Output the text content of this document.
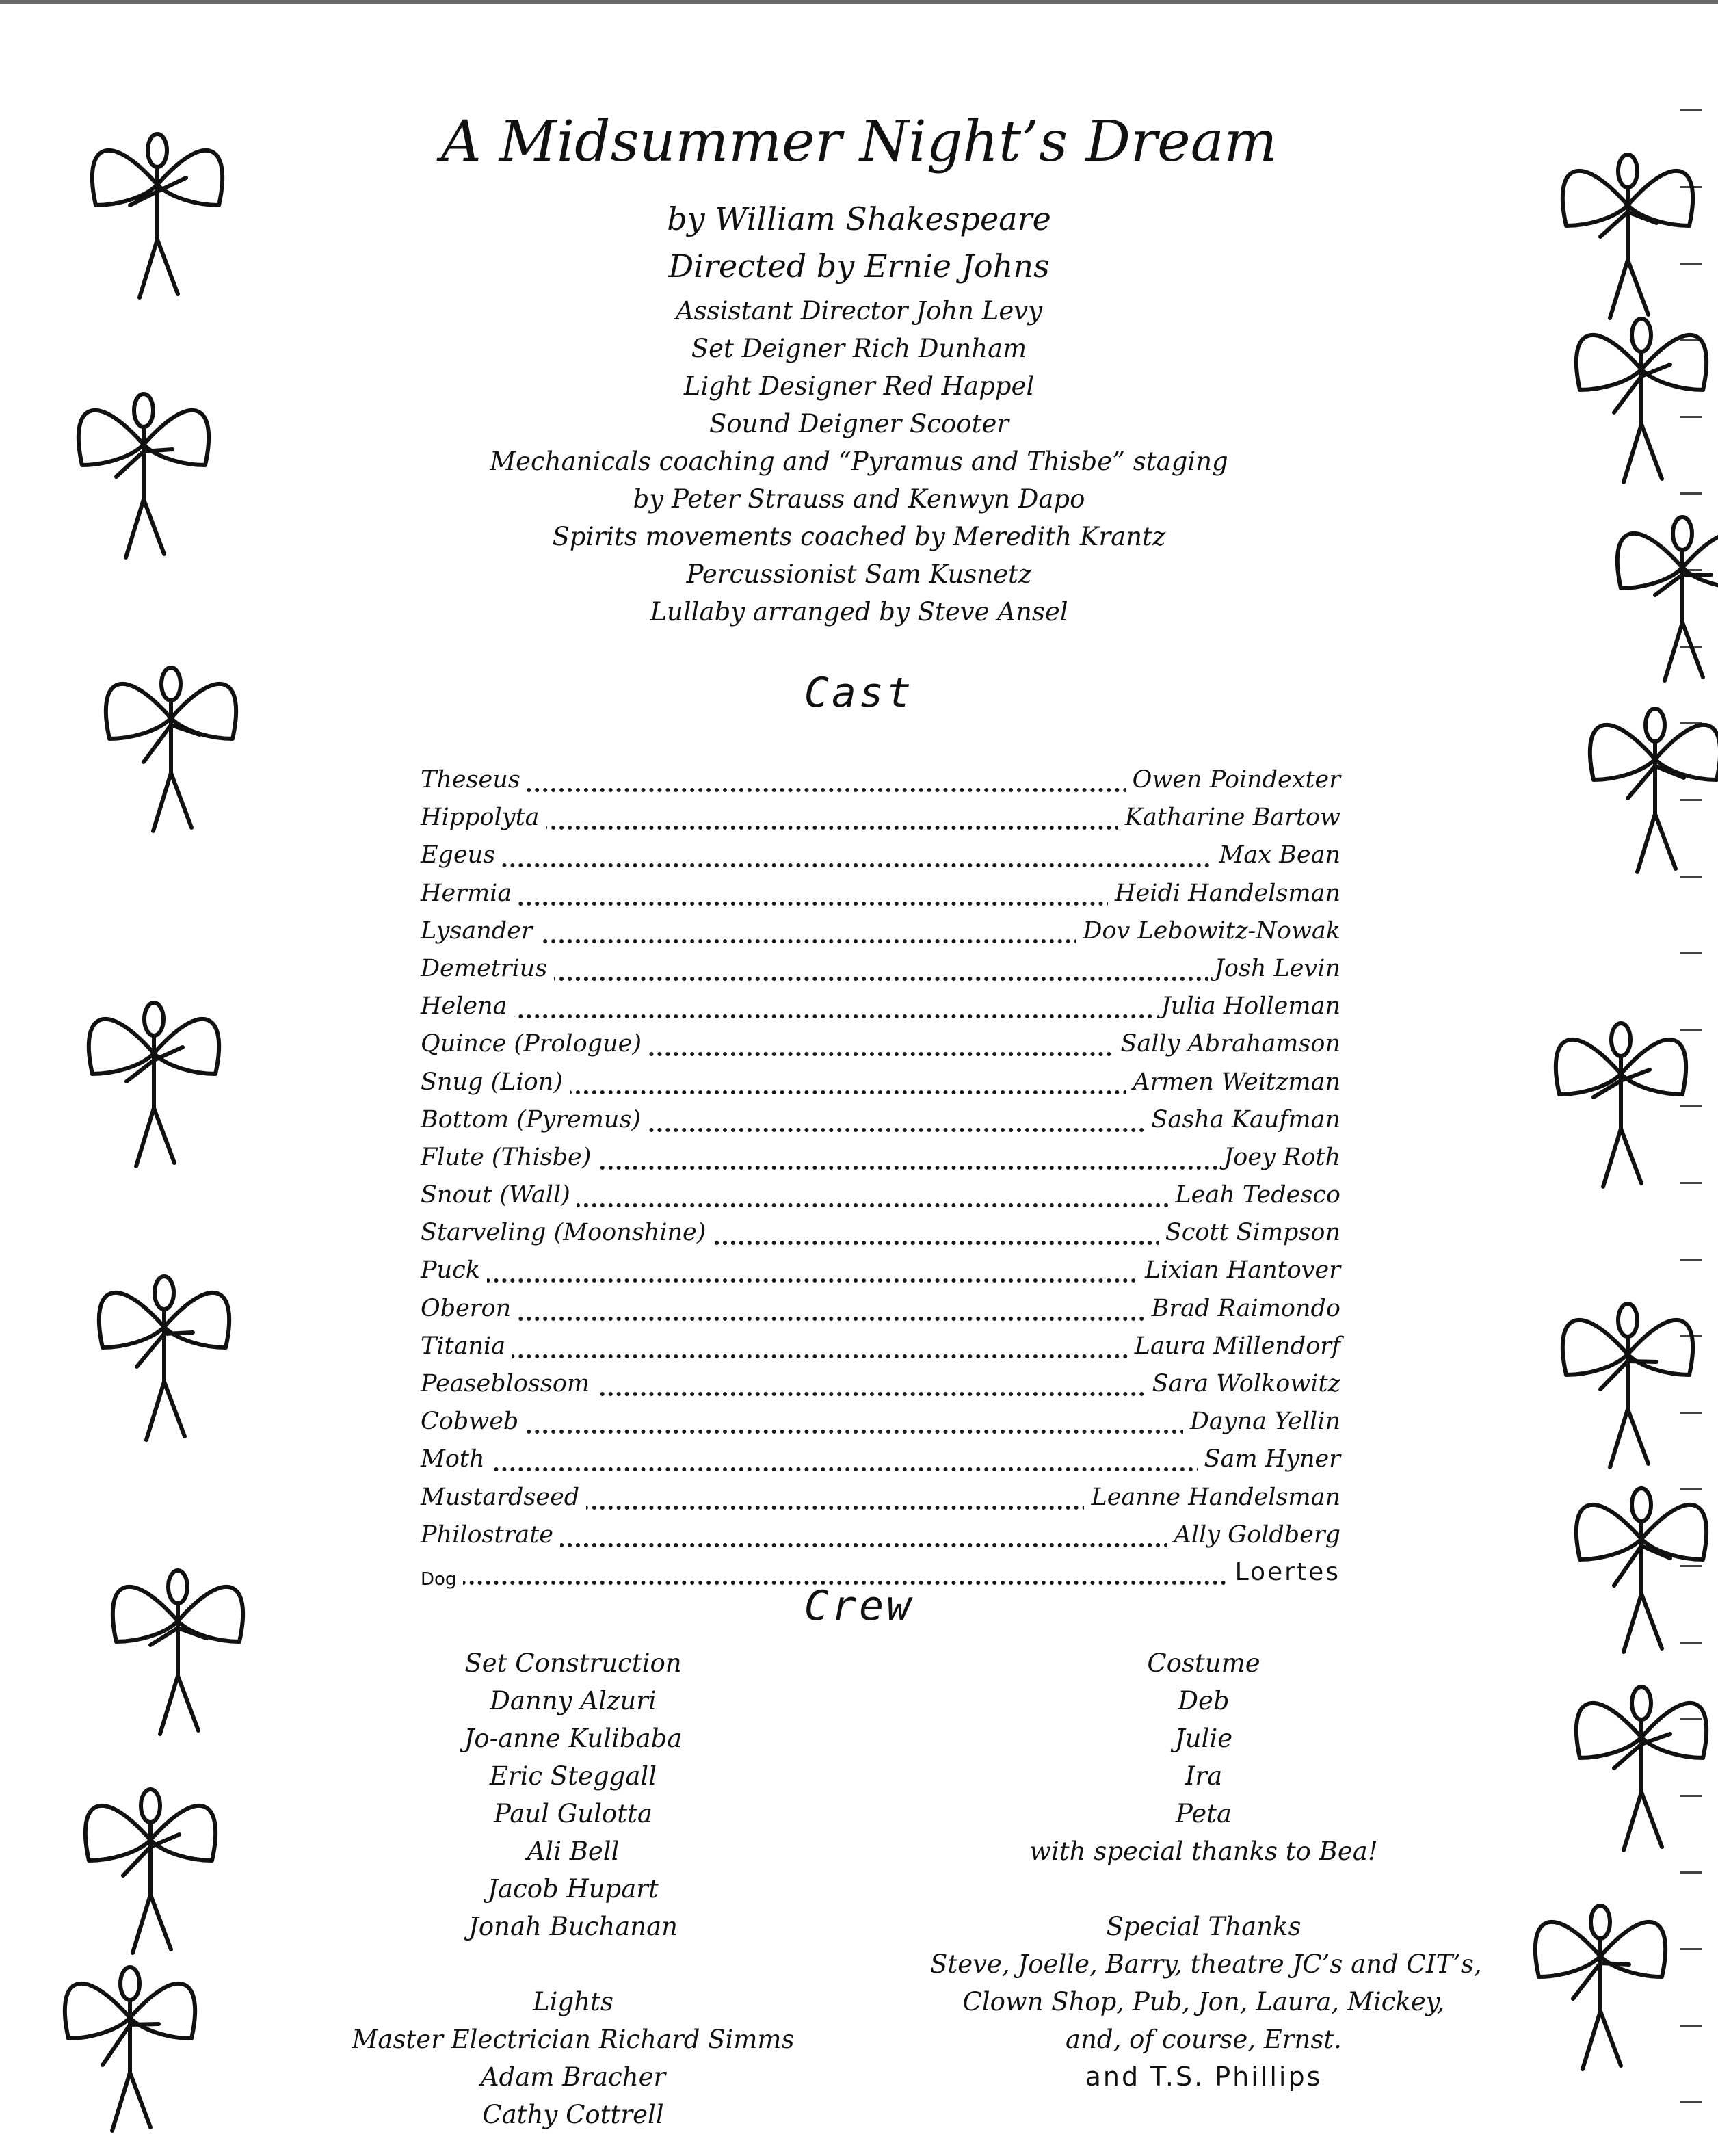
A Midsummer Night’s Dream
by William Shakespeare
Directed by Ernie Johns
Assistant Director John Levy
Set Deigner Rich Dunham
Light Designer Red Happel
Sound Deigner Scooter
Mechanicals coaching and “Pyramus and Thisbe” staging
by Peter Strauss and Kenwyn Dapo
Spirits movements coached by Meredith Krantz
Percussionist Sam Kusnetz
Lullaby arranged by Steve Ansel
Cast
Theseus	Owen Poindexter
Hippolyta	Katharine Bartow
Egeus	Max Bean
Hermia	Heidi Handelsman
Lysander	Dov Lebowitz-Nowak
Demetrius	Josh Levin
Helena	Julia Holleman
Quince (Prologue)	Sally Abrahamson
Snug (Lion)	Armen Weitzman
Bottom (Pyremus)	Sasha Kaufman
Flute (Thisbe)	Joey Roth
Snout (Wall)	Leah Tedesco
Starveling (Moonshine)	Scott Simpson
Puck	Lixian Hantover
Oberon	Brad Raimondo
Titania	Laura Millendorf
Peaseblossom	Sara Wolkowitz
Cobweb	Dayna Yellin
Moth	Sam Hyner
Mustardseed	Leanne Handelsman
Philostrate	Ally Goldberg
Dog	Loertes
Crew
Set Construction
Danny Alzuri
Jo-anne Kulibaba
Eric Steggall
Paul Gulotta
Ali Bell
Jacob Hupart
Jonah Buchanan
Lights
Master Electrician Richard Simms
Adam Bracher
Cathy Cottrell
Costume
Deb
Julie
Ira
Peta
with special thanks to Bea!
Special Thanks
Steve, Joelle, Barry, theatre JC’s and CIT’s,
Clown Shop, Pub, Jon, Laura, Mickey,
and, of course, Ernst.
and T.S. Phillips
